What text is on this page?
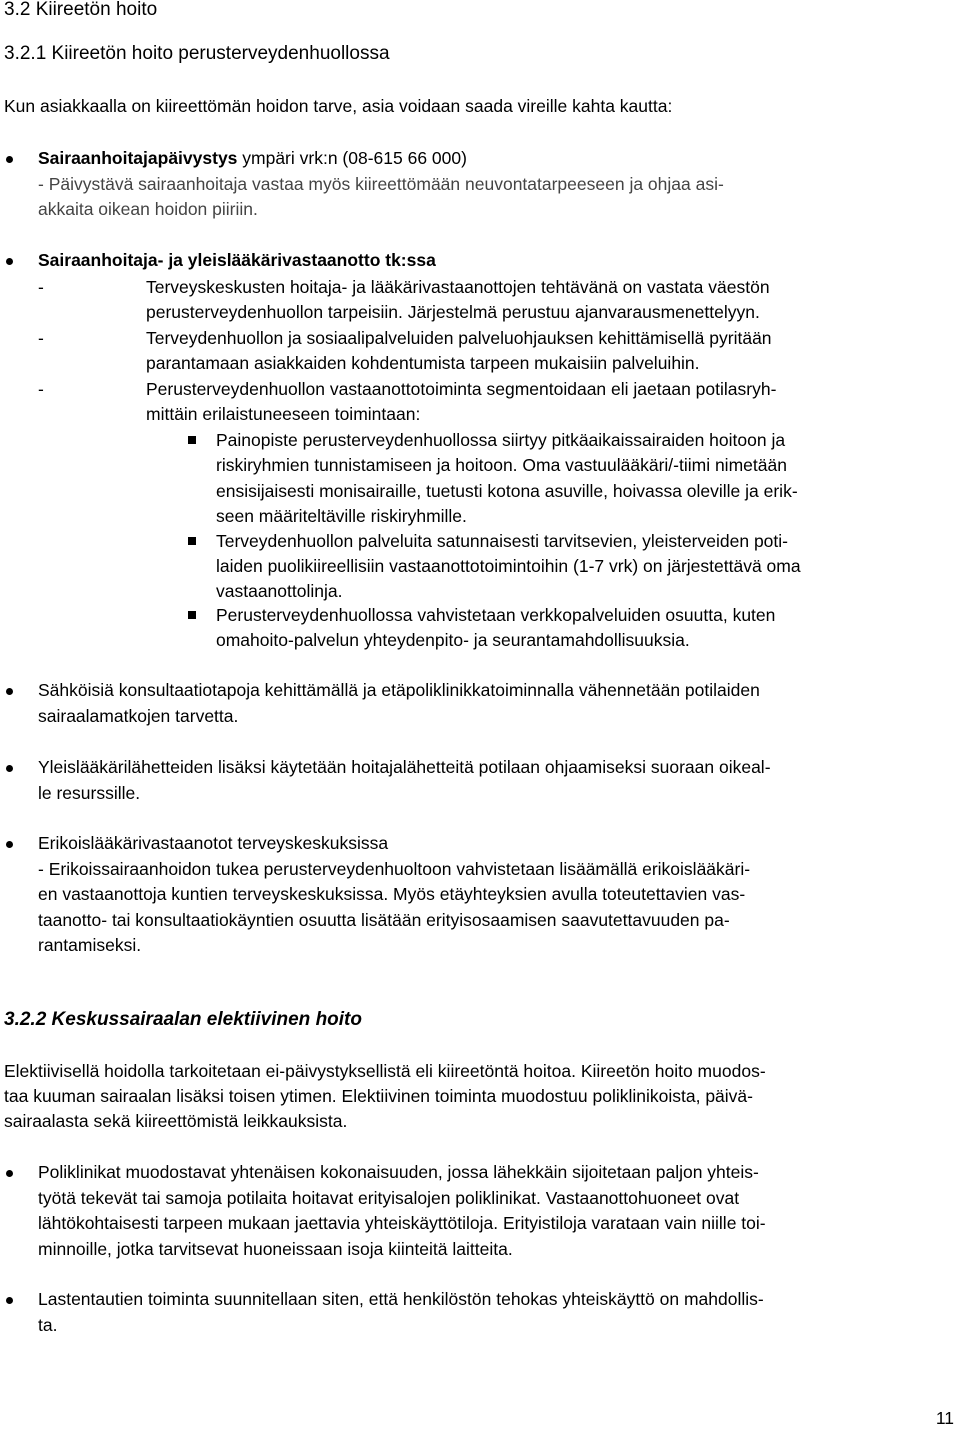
3.2 Kiireetön hoito
3.2.1 Kiireetön hoito perusterveydenhuollossa
Kun asiakkaalla on kiireettömän hoidon tarve, asia voidaan saada vireille kahta kautta:
Sairaanhoitajapäivystys ympäri vrk:n (08-615 66 000)
- Päivystävä sairaanhoitaja vastaa myös kiireettömään neuvontatarpeeseen ja ohjaa asi-
akkaita oikean hoidon piiriin.
Sairaanhoitaja- ja yleislääkärivastaanotto tk:ssa
-	Terveyskeskusten hoitaja- ja lääkärivastaanottojen tehtävänä on vastata väestön
perusterveydenhuollon tarpeisiin. Järjestelmä perustuu ajanvarausmenettelyyn.
-	Terveydenhuollon ja sosiaalipalveluiden palveluohjauksen kehittämisellä pyritään
parantamaan asiakkaiden kohdentumista tarpeen mukaisiin palveluihin.
-	Perusterveydenhuollon vastaanottotoiminta segmentoidaan eli jaetaan potilasryh-
mittäin erilaistuneeseen toimintaan:
Painopiste perusterveydenhuollossa siirtyy pitkäaikaissairaiden hoitoon ja
riskiryhmien tunnistamiseen ja hoitoon. Oma vastuulääkäri/-tiimi nimetään
ensisijaisesti monisairaille, tuetusti kotona asuville, hoivassa oleville ja erik-
seen määriteltäville riskiryhmille.
Terveydenhuollon palveluita satunnaisesti tarvitsevien, yleisterveiden poti-
laiden puolikiireellisiin vastaanottotoimintoihin (1-7 vrk) on järjestettävä oma
vastaanottolinja.
Perusterveydenhuollossa vahvistetaan verkkopalveluiden osuutta, kuten
omahoito-palvelun yhteydenpito- ja seurantamahdollisuuksia.
Sähköisiä konsultaatiotapoja kehittämällä ja etäpoliklinikkatoiminnalla vähennetään potilaiden
sairaalamatkojen tarvetta.
Yleislääkärilähetteiden lisäksi käytetään hoitajalähetteitä potilaan ohjaamiseksi suoraan oikeal-
le resurssille.
Erikoislääkärivastaanotot terveyskeskuksissa
- Erikoissairaanhoidon tukea perusterveydenhuoltoon vahvistetaan lisäämällä erikoislääkäri-
en vastaanottoja kuntien terveyskeskuksissa. Myös etäyhteyksien avulla toteutettavien vas-
taanotto- tai konsultaatiokäyntien osuutta lisätään erityisosaamisen saavutettavuuden pa-
rantamiseksi.
3.2.2 Keskussairaalan elektiivinen hoito
Elektiivisellä hoidolla tarkoitetaan ei-päivystyksellistä eli kiireetöntä hoitoa. Kiireetön hoito muodos-
taa kuuman sairaalan lisäksi toisen ytimen. Elektiivinen toiminta muodostuu poliklinikoista, päivä-
sairaalasta sekä kiireettömistä leikkauksista.
Poliklinikat muodostavat yhtenäisen kokonaisuuden, jossa lähekkäin sijoitetaan paljon yhteis-
työtä tekevät tai samoja potilaita hoitavat erityisalojen poliklinikat. Vastaanottohuoneet ovat
lähtökohtaisesti tarpeen mukaan jaettavia yhteiskäyttötiloja. Erityistiloja varataan vain niille toi-
minnoille, jotka tarvitsevat huoneissaan isoja kiinteitä laitteita.
Lastentautien toiminta suunnitellaan siten, että henkilöstön tehokas yhteiskäyttö on mahdollis-
ta.
11
